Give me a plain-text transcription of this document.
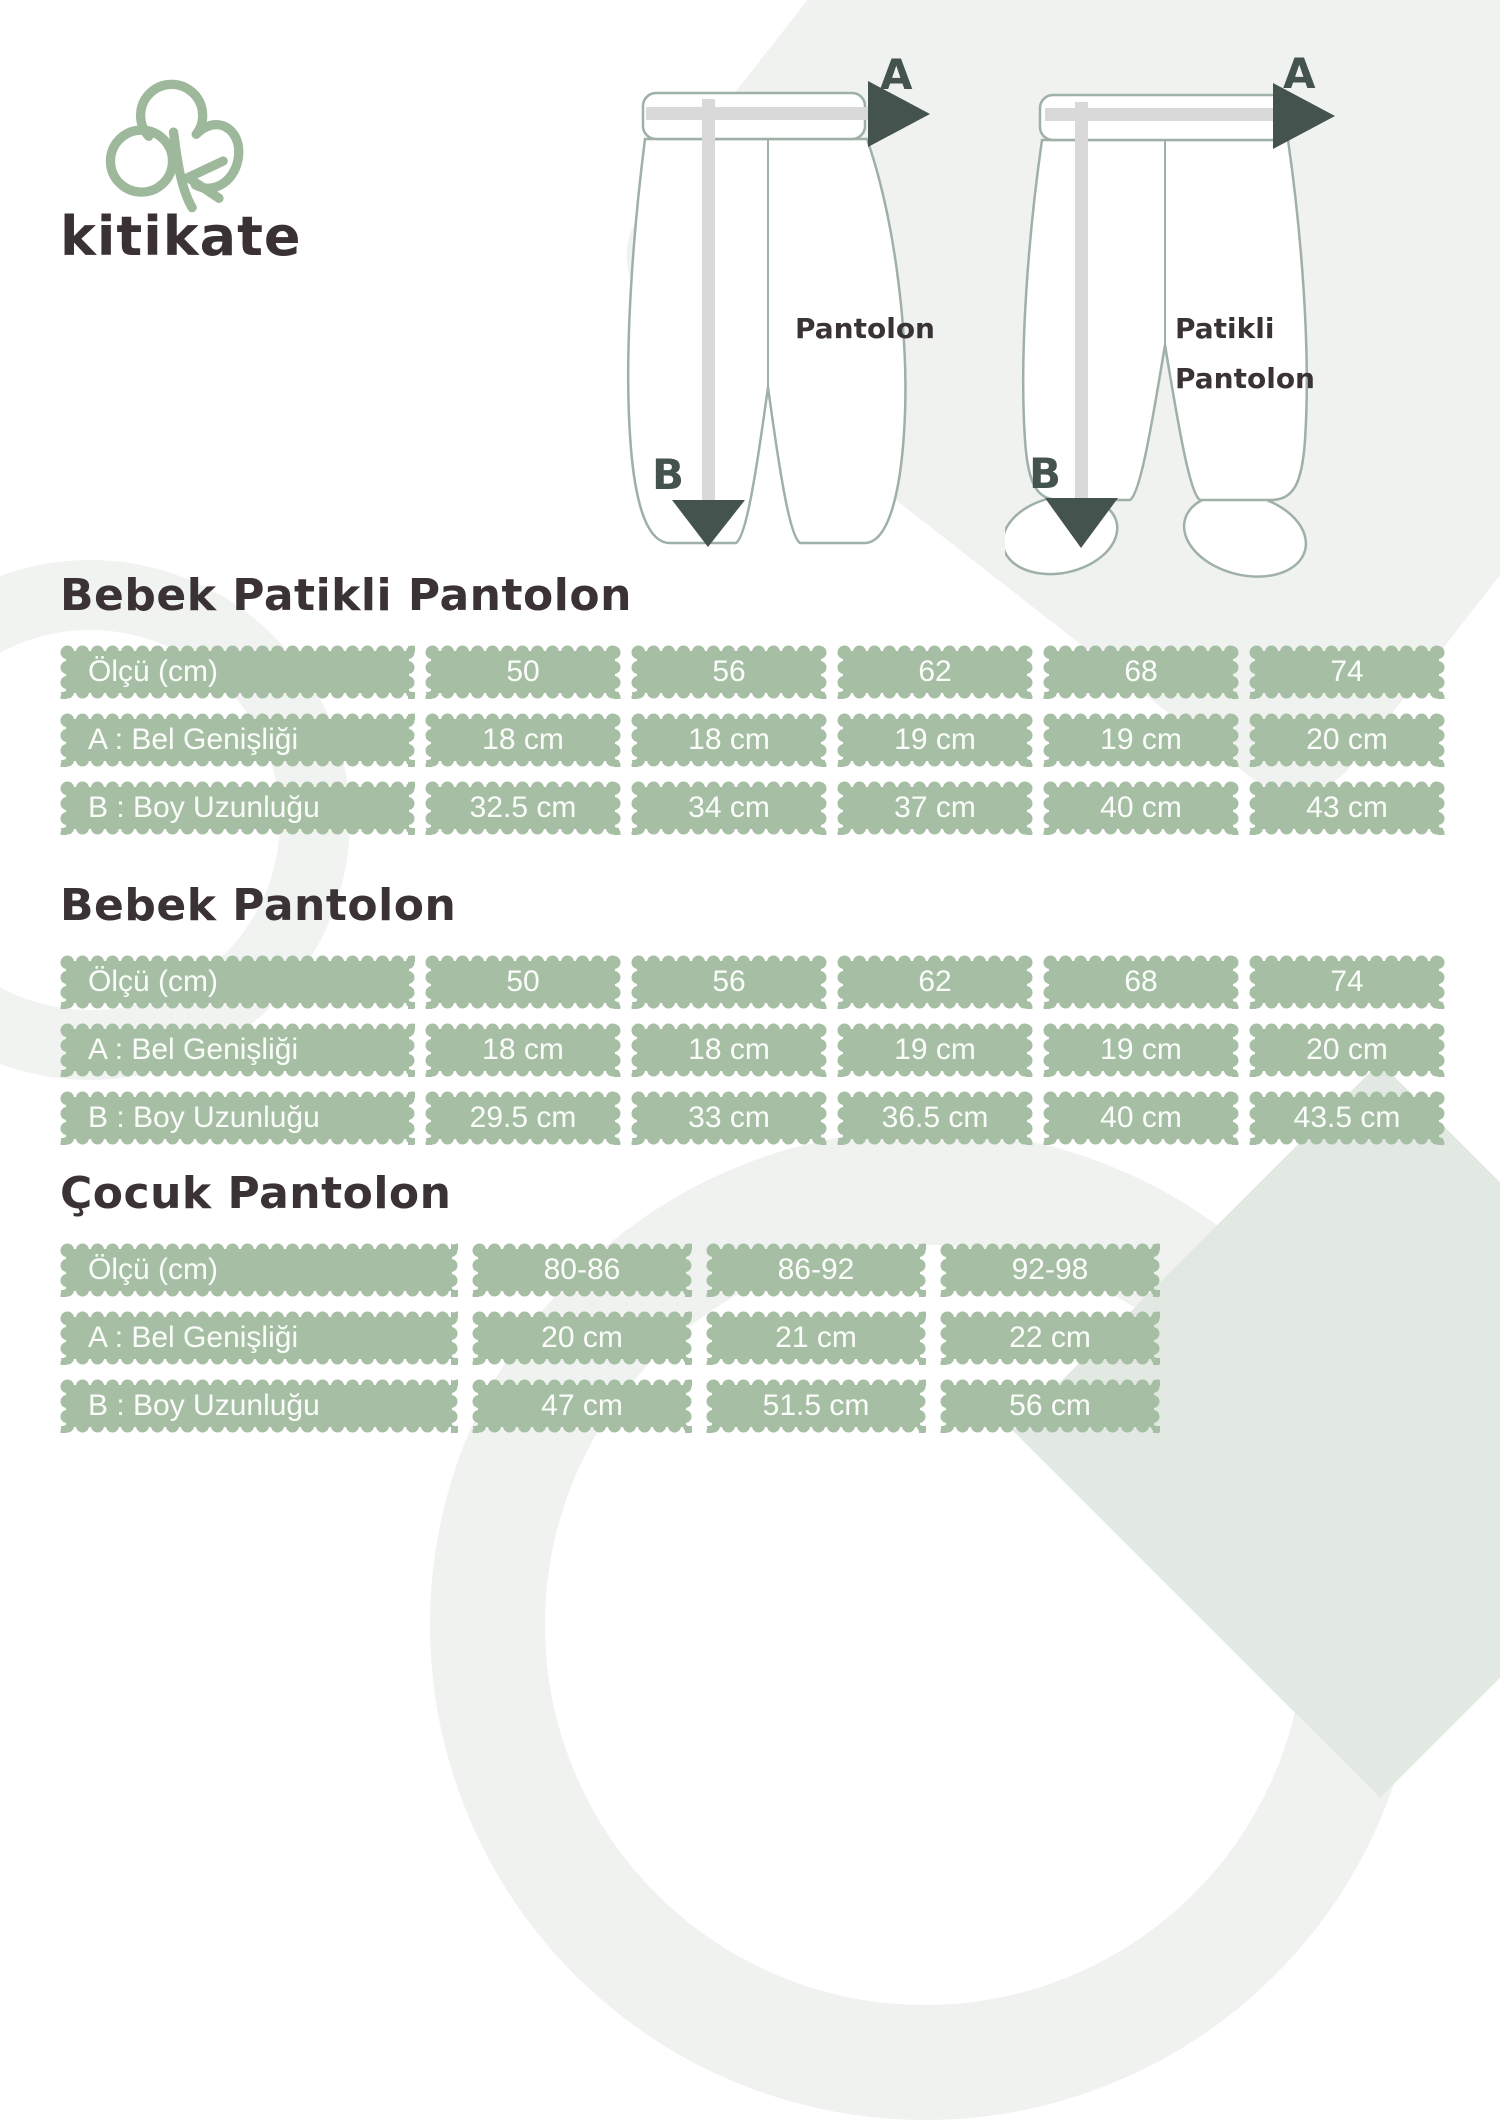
kitikate
A
B
Pantolon
A
B
Patikli
Pantolon
Bebek Patikli Pantolon
Ölçü (cm)	50	56	62	68	74
A : Bel Genişliği	18 cm	18 cm	19 cm	19 cm	20 cm
B : Boy Uzunluğu	32.5 cm	34 cm	37 cm	40 cm	43 cm
Bebek Pantolon
Ölçü (cm)	50	56	62	68	74
A : Bel Genişliği	18 cm	18 cm	19 cm	19 cm	20 cm
B : Boy Uzunluğu	29.5 cm	33 cm	36.5 cm	40 cm	43.5 cm
Çocuk Pantolon
Ölçü (cm)	80-86	86-92	92-98
A : Bel Genişliği	20 cm	21 cm	22 cm
B : Boy Uzunluğu	47 cm	51.5 cm	56 cm
